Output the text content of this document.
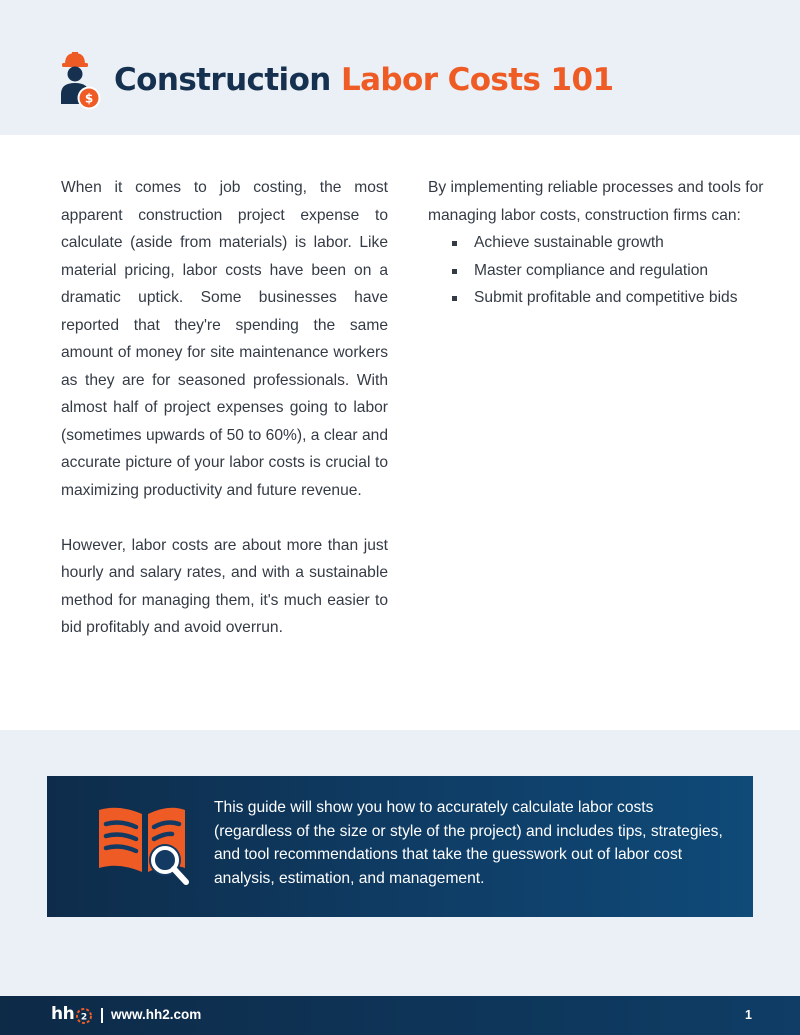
$
Construction Labor Costs 101

When it comes to job costing, the most apparent construction project expense to calculate (aside from materials) is labor. Like material pricing, labor costs have been on a dramatic uptick. Some businesses have reported that they're spending the same amount of money for site maintenance workers as they are for seasoned professionals. With almost half of project expenses going to labor (sometimes upwards of 50 to 60%), a clear and accurate picture of your labor costs is crucial to maximizing productivity and future revenue.

However, labor costs are about more than just hourly and salary rates, and with a sustainable method for managing them, it's much easier to bid profitably and avoid overrun.

By implementing reliable processes and tools for managing labor costs, construction firms can:

Achieve sustainable growth
Master compliance and regulation
Submit profitable and competitive bids
This guide will show you how to accurately calculate labor costs (regardless of the size or style of the project) and includes tips, strategies, and tool recommendations that take the guesswork out of labor cost analysis, estimation, and management.
hh 2 www.hh2.com	1
